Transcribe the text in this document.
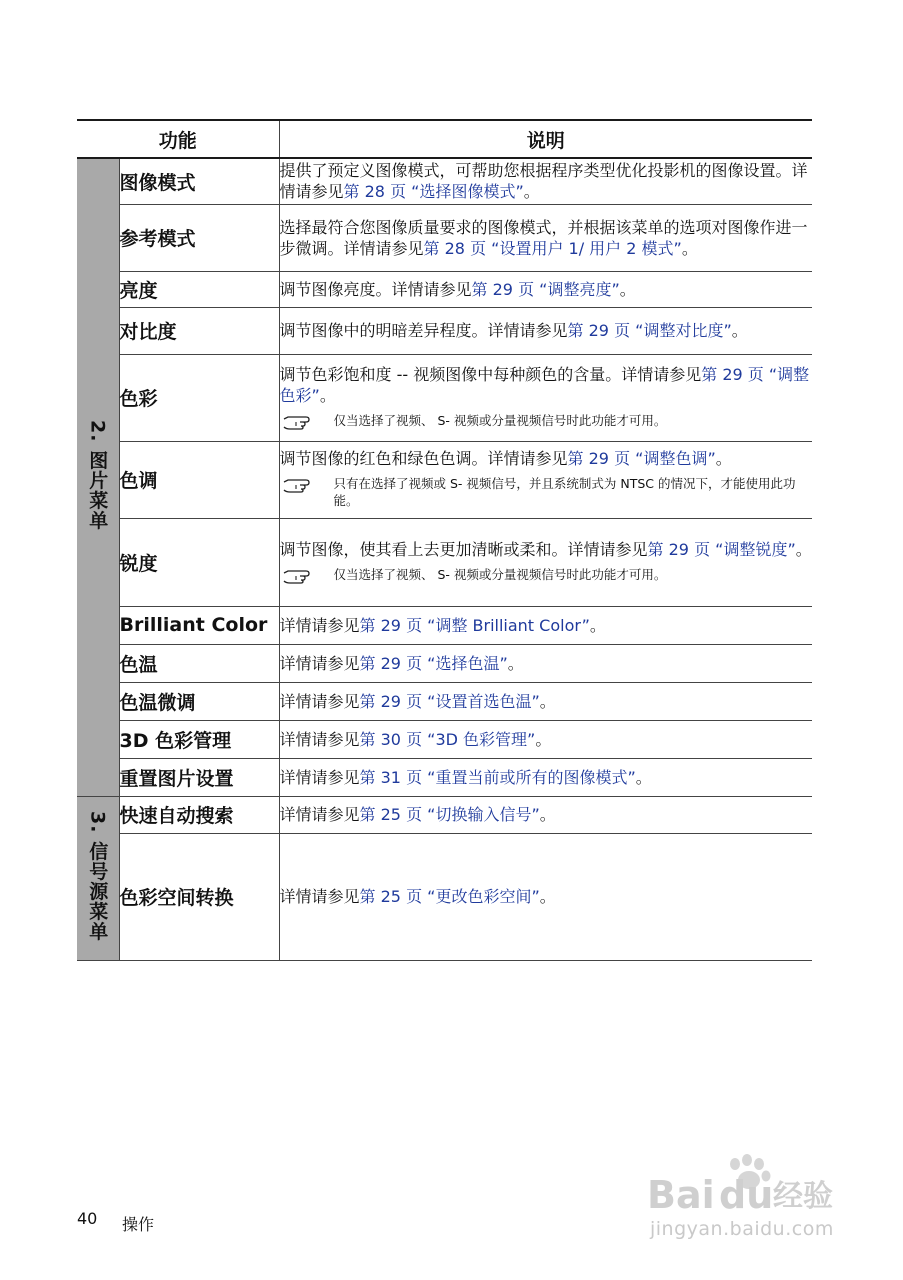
功能		说明
2. 图片菜单	图像模式	提供了预定义图像模式，可帮助您根据程序类型优化投影机的图像设置。详情请参见第 28 页 “选择图像模式”。
	参考模式	选择最符合您图像质量要求的图像模式，并根据该菜单的选项对图像作进一步微调。详情请参见第 28 页 “设置用户 1/ 用户 2 模式”。
	亮度	调节图像亮度。详情请参见第 29 页 “调整亮度”。
	对比度	调节图像中的明暗差异程度。详情请参见第 29 页 “调整对比度”。
	色彩	调节色彩饱和度 -- 视频图像中每种颜色的含量。详情请参见第 29 页 “调整色彩”。
仅当选择了视频、 S- 视频或分量视频信号时此功能才可用。

	色调	调节图像的红色和绿色色调。详情请参见第 29 页 “调整色调”。
只有在选择了视频或 S- 视频信号，并且系统制式为 NTSC 的情况下，才能使用此功能。

	锐度	调节图像，使其看上去更加清晰或柔和。详情请参见第 29 页 “调整锐度”。
仅当选择了视频、 S- 视频或分量视频信号时此功能才可用。

	Brilliant Color	详情请参见第 29 页 “调整 Brilliant Color”。
	色温	详情请参见第 29 页 “选择色温”。
	色温微调	详情请参见第 29 页 “设置首选色温”。
	3D 色彩管理	详情请参见第 30 页 “3D 色彩管理”。
	重置图片设置	详情请参见第 31 页 “重置当前或所有的图像模式”。
3. 信号源菜单	快速自动搜索	详情请参见第 25 页 “切换输入信号”。
	色彩空间转换	详情请参见第 25 页 “更改色彩空间”。
Bai du 经验
jingyan.baidu.com
40 操作
